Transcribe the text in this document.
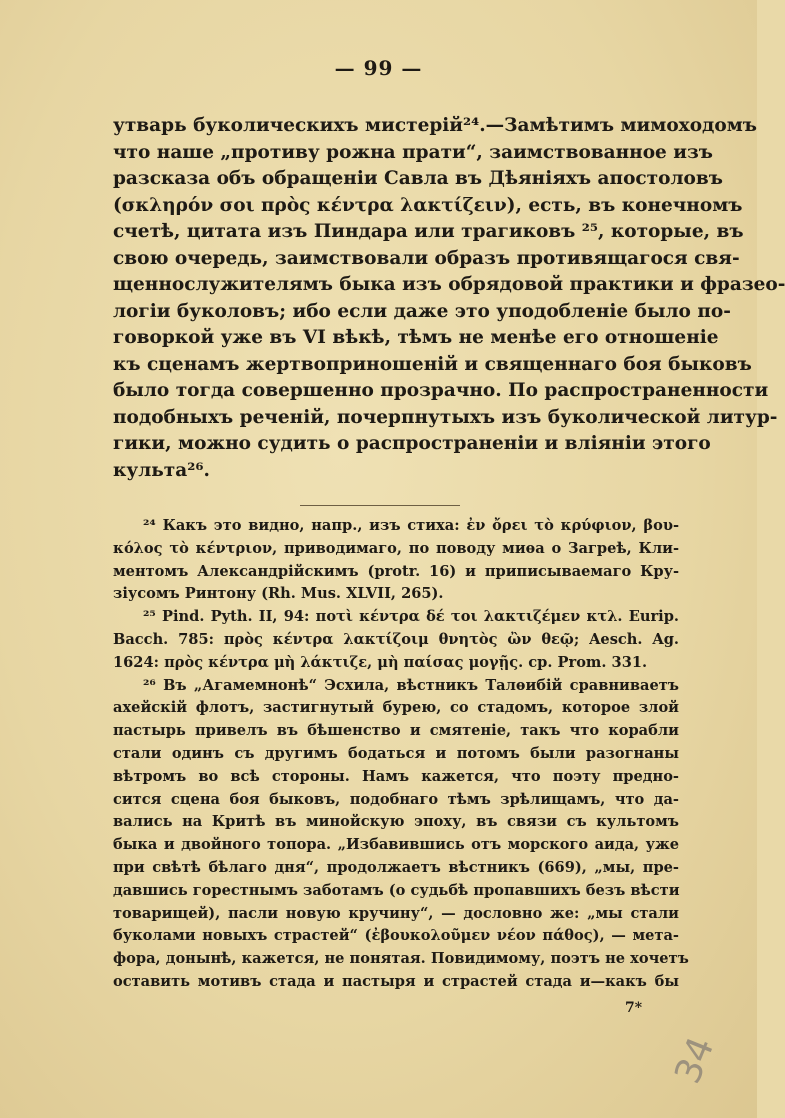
— 99 —
утварь буколическихъ мистерій²⁴.—Замѣтимъ мимоходомъ
что наше „противу рожна прати“, заимствованное изъ
разсказа объ обращеніи Савла въ Дѣяніяхъ апостоловъ
(σκληρόν σοι πρὸς κέντρα λακτίζειν), есть, въ конечномъ
счетѣ, цитата изъ Пиндара или трагиковъ ²⁵, которые, въ
свою очередь, заимствовали образъ противящагося свя-
щеннослужителямъ быка изъ обрядовой практики и фразео-
логіи буколовъ; ибо если даже это уподобленіе было по-
говоркой уже въ VI вѣкѣ, тѣмъ не менѣе его отношеніе
къ сценамъ жертвоприношеній и священнаго боя быковъ
было тогда совершенно прозрачно. По распространенности
подобныхъ реченій, почерпнутыхъ изъ буколической литур-
гики, можно судить о распространеніи и вліяніи этого
культа²⁶.
²⁴ Какъ это видно, напр., изъ стиха: ἐν ὄρει τὸ κρύφιον, βου-
κόλος τὸ κέντριον, приводимаго, по поводу миѳа о Загреѣ, Кли-
ментомъ Александрійскимъ (protr. 16) и приписываемаго Кру-
зіусомъ Ринтону (Rh. Mus. XLVII, 265).
²⁵ Pind. Pyth. II, 94: ποτὶ κέντρα δέ τοι λακτιζέμεν κτλ. Eurip.
Bacch. 785: πρὸς κέντρα λακτίζοιμ θνητὸς ὢν θεῷ; Aesch. Ag.
1624: πρὸς κέντρα μὴ λάκτιζε, μὴ παίσας μογῇς. cp. Prom. 331.
²⁶ Въ „Агамемнонѣ“ Эсхила, вѣстникъ Талѳибій сравниваетъ
ахейскій флотъ, застигнутый бурею, со стадомъ, которое злой
пастырь привелъ въ бѣшенство и смятеніе, такъ что корабли
стали одинъ съ другимъ бодаться и потомъ были разогнаны
вѣтромъ во всѣ стороны. Намъ кажется, что поэту предно-
сится сцена боя быковъ, подобнаго тѣмъ зрѣлищамъ, что да-
вались на Критѣ въ минойскую эпоху, въ связи съ культомъ
быка и двойного топора. „Избавившись отъ морского аида, уже
при свѣтѣ бѣлаго дня“, продолжаетъ вѣстникъ (669), „мы, пре-
давшись горестнымъ заботамъ (о судьбѣ пропавшихъ безъ вѣсти
товарищей), пасли новую кручину“, — дословно же: „мы стали
буколами новыхъ страстей“ (ἐβουκολοῦμεν νέον πάθος), — мета-
фора, донынѣ, кажется, не понятая. Повидимому, поэтъ не хочетъ
оставить мотивъ стада и пастыря и страстей стада и—какъ бы
7*
34
